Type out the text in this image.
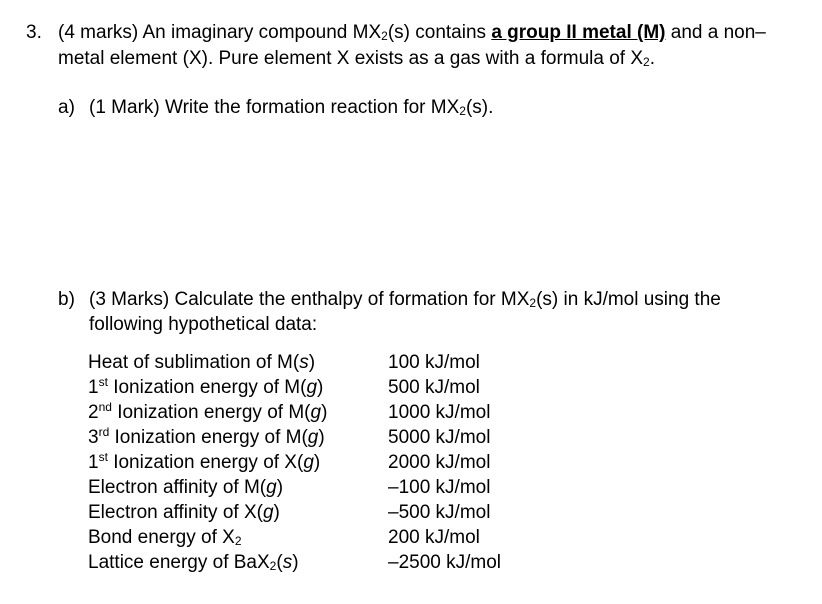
3. (4 marks) An imaginary compound $MX_2(s)$ contains a group II metal (M) and a non–
metal element (X). Pure element X exists as a gas with a formula of $X_2$.
a) (1 Mark) Write the formation reaction for $MX_2(s)$.
b) (3 Marks) Calculate the enthalpy of formation for $MX_2(s)$ in kJ/mol using the
following hypothetical data:
Heat of sublimation of M(s)	100 kJ/mol
1st Ionization energy of M(g)	500 kJ/mol
2nd Ionization energy of M(g)	1000 kJ/mol
3rd Ionization energy of M(g)	5000 kJ/mol
1st Ionization energy of X(g)	2000 kJ/mol
Electron affinity of M(g)	–100 kJ/mol
Electron affinity of X(g)	–500 kJ/mol
Bond energy of $X_2$	200 kJ/mol
Lattice energy of BaX$_2$(s)	–2500 kJ/mol
